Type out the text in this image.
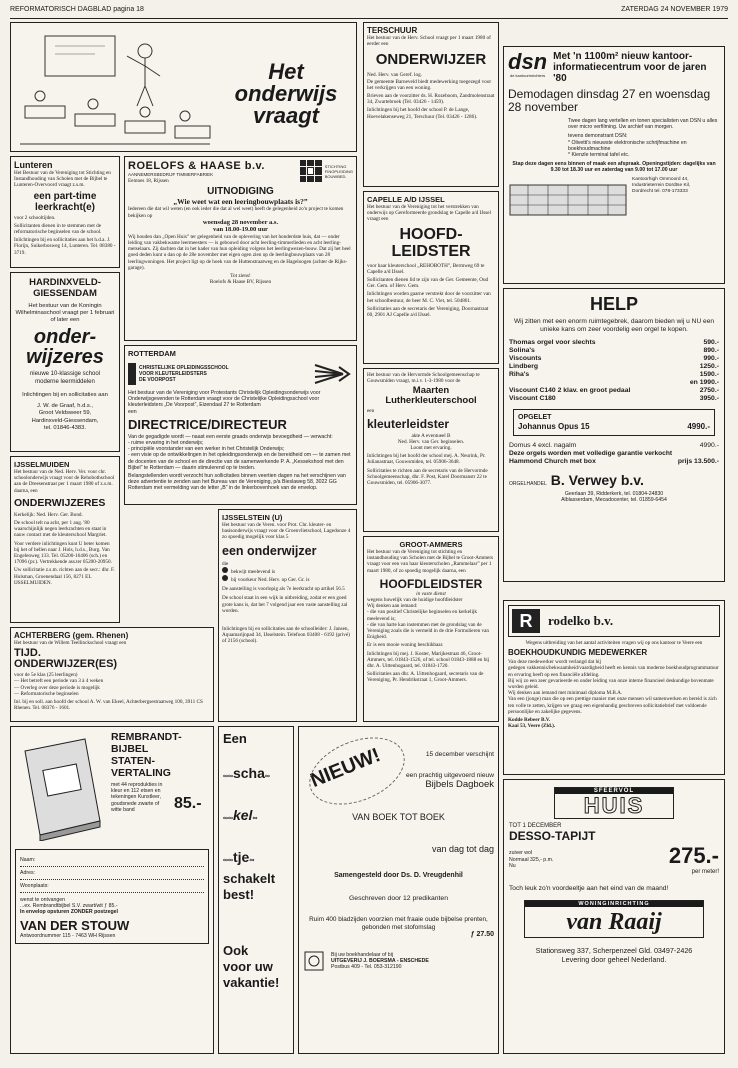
REFORMATORISCH DAGBLAD pagina 18	ZATERDAG 24 NOVEMBER 1979
Het
onderwijs
vraagt
Lunteren
Het Bestuur van de Vereniging tot Stichting en Instandhouding van Scholen met de Bijbel te Lunteren-Overvoord vraagt z.s.m.
een part-time leerkracht(e)
voor 2 schooltijden.
Sollicitanten dienen in te stemmen met de reformatorische beginselen van de school.
Inlichtingen bij en sollicitaties aan het h.d.a. J. Florijn, Suikerbosweg 14, Lunteren. Tel. 08380 - 3719.
ROELOFS & HAASE b.v.
AANNEMERSBEDRIJF TIMMERFABRIEK
Eemnes 18, Rijssen
STICHTING
FINOPLEIDING
BOUWBED.
UITNODIGING
„Wie weet wat een leeringbouwplaats is?”
Iedereen die dat wil weten (en ook ieder die dat al wel weet) heeft de gelegenheid zo'n project te komen bekijken op
woensdag 28 november a.s.
van 18.00-19.00 uur
Wij houden dan „Open Huis” ter gelegenheid van de oplevering van het honderdste huis, dat — onder leiding van vakbekwame leermeesters — is gebouwd door acht leerling-timmerlieden en acht leerling-metselaars. Zij dachten dat in het kader van hun opleiding volgens het leerlingwezen-bouw. Dat zij het heel goed deden kunt u dan op de 28e november met eigen ogen zien op de leerlingbouwplaats van 28 leerlingwoningen. Het project ligt op de hoek van de Huttenstraatweg en de Hageloogen (achter de Rijks-garage).
Tot ziens!
Roelofs & Haase BV, Rijssen
TERSCHUUR
Het bestuur van de Herv. School vraagt per 1 maart 1980 of eerder een
ONDERWIJZER
Ned. Herv. van Geref. log.
De gemeente Barneveld biedt medewerking toegezegd voor het verkrijgen van een woning.
Brieven aan de voorzitter ds. H. Rozeboom, Zandmolenstraat 34, Zwartebroek (Tel. 03426 - 1459).
Inlichtingen bij het hoofd der school P. de Lange, Hoevelakenseweg 21, Terschuur (Tel. 03426 - 1286).
dsn
de kantoorinrichters
Met 'n 1100m² nieuw kantoor-informatiecentrum voor de jaren '80
Demodagen dinsdag 27 en woensdag 28 november
Twee dagen lang vertellen en tonen specialisten van DSN u alles over micro verfilming. Uw archief van morgen.
tevens demonstrant DSN:
* Olivetti's nieuwste elektronische schrijfmachine en boekhoudmachine
* Kienzle terminal tafel etc.
Stap deze dagen eens binnen of maak een afspraak. Openingstijden: dagelijks van 9.30 tot 18.30 uur en zaterdag van 9.00 tot 17.00 uur
Kantoorhigh Ommoord 44,
Industrieterrein Dordtse Kil,
Dordrecht tel. 078-173333
CAPELLE A/D IJSSEL
Het bestuur van de Vereniging tot het verstrekken van onderwijs op Gereformeerde grondslag te Capelle a/d IJssel vraagt een
HOOFD-
LEIDSTER
voor haar kleuterschool „REHOBOTH”, Bermweg 69 te Capelle a/d IJssel.
Sollicitanten dienen lid te zijn van de Ger. Gemeente, Oud Ger. Gem. of Herv. Gem.
Inlichtingen worden gaarne verstrekt door de voorzitter van het schoolbestuur, de heer M. C. Viet, tel. 504861.
Sollicitaties aan de secretaris der Vereniging, Doornastraat 60, 2901 AJ Capelle a/d IJssel.
HARDINXVELD-
GIESSENDAM
Het bestuur van de Koningin Wilhelminaschool vraagt per 1 februari of later een
onder-
wijzeres
nieuwe 10-klassige school
moderne leermiddelen
Inlichtingen bij en sollicitaties aan
J. W. de Graaf, h.d.s.,
Groot Veldsweer 59,
Hardinxveld-Giessendam,
tel. 01846-4383.
ROTTERDAM
CHRISTELIJKE OPLEIDINGSSCHOOL
VOOR KLEUTERLEIDSTERS
DE VOORPOST
Het bestuur van de Vereniging voor Protestants Christelijk Opleidingsonderwijs voor Onderwijsgevenden te Rotterdam vraagt voor de Christelijke Opleidingsschool voor kleuterleidsters „De Voorpost”, Eizendaal 27 te Rotterdam
een
DIRECTRICE/DIRECTEUR
Van de gegadigde wordt — naast een eerste graads onderwijs bevoegdheid — verwacht:
- ruime ervaring in het onderwijs;
- principiële voorstander van een werker in het Christelijk Onderwijs;
- een visie op de ontwikkelingen in het opleidingsonderwijs en de bereidheid om — te zamen met de docenten van de school en de directie van de samenwerkende P. A. „Kessekshool met den Bijbel” te Rotterdam — daarin stimulerend op te treden.
Belangstellenden wordt verzocht hun sollicitaties binnen veertien dagen na het verschijnen van deze advertentie te zenden aan het Bureau van de Vereniging, p/a Bieslaweg 58, 3022 GG Rotterdam met vermelding van de letter „B” in de linkerbovenhoek van de envelop.
Het bestuur van de Hervormde Schoolgemeenschap te Gouwsmiden vraagt, m.i.v. 1-3-1980 voor de
Maarten
Lutherkleuterschool
een
kleuterleidster
akte A eventueel B
Ned. Herv. van Ger. beginselen.
Loont met ervaring.
Inlichtingen bij het hoofd der school mej. A. Neurink, Pr. Julianastraat, Gouwsmiden, tel. 05906-3648.
Sollicitaties te richten aan de secretaris van de Hervormde Schoolgemeenschap, dhr. F. Post, Karel Doormanstr 22 te Gouwsmiden, tel. 05906-3077.
HELP
Wij zitten met een enorm ruimtegebrek, daarom bieden wij u NU een unieke kans om zeer voordelig een orgel te kopen.
Thomas orgel voor slechts	590.-
Solina's	890.-
Viscounts	990.-
Lindberg	1250.-
Riha's	1590.-
en 1990.-
Viscount C140 2 klav. en groot pedaal	2750.-
Viscount C180	3950.-
OPGELET
Johannus Opus 15	4990.-
Domus 4 excl. nagalm	4990.-
Deze orgels worden met volledige garantie verkocht
Hammond Church met box	prijs 13.500.-
ORGELHANDEL B. Verwey b.v.
Geerlaan 39, Ridderkerk, tel. 01804-24830
Alblasserdam, Mecadocenter, tel. 01859-6454
IJSSELMUIDEN
Het bestuur van de Ned. Herv. Ver. voor chr. schoolonderwijs vraagt voor de Rehobothschool aan de Dreesenstraat per 1 maart 1980 of z.s.m. daarna, een
ONDERWIJZERES
Kerkelijk: Ned. Herv. Ger. Bond.
De school telt na acht, per 1 aug. '80 waarschijnlijk negen leerkrachten en staat in nauw contact met de kleuterschool Margriet.
Voor verdere inlichtingen kunt U beter komen bij het of bellen naar J. Hols, h.d.s., Burg. Van Engelenweg 133. Tel. 05200-16406 (sch.) en 17096 (pr.). Vertrekkende ass.ter 05200-20950.
Uw sollicitatie z.s.m. richten aan de secr.: dhr. F. Hulsman, Groenendaal 156, 8271 EL IJSSELMUIDEN.
IJSSELSTEIN (U)
Het bestuur van de Veren. voor Prot. Chr. kleuter- en basisonderwijs vraagt voor de Groenvlietschool, Lagedonze 4 zo spoedig mogelijk voor klas 5
een onderwijzer
die
bekwijt meelevend is
bij voorkeur Ned. Herv. op Ger. Gr. is
De aanstelling is voorlopig als 7e leerkracht op artikel 56.5
De school staat in een wijk in uitbreiding, zodat er een goed grote kans is, dat het 7 volgend jaar een vaste aanstelling zal worden.
Inlichtingen bij en sollicitaties aan de schoolleider: J. Jansen, Aquamarijnpad 34, IJsselstein. Telefoon 03408 - 6192 (privé) of 2156 (school).
GROOT-AMMERS
Het bestuur van de Vereniging tot stichting en instandhouding van Scholen met de Bijbel te Groot-Ammers vraagt voor een van haar kleuterscholen „Rammelaar” per 1 maart 1980, of zo spoedig mogelijk daarna, een
HOOFDLEIDSTER
in vaste dienst
wegens huwelijk van de huidige hoofdleidster
Wij denken aan iemand:
- die van positief Christelijke beginselen en kerkelijk meelevend is;
- die van harte kan instemmen met de grondslag van de Vereniging zoals die is vermeld in de drie Formulieren van Enigheid.
Er is een mooie woning beschikbaar.
Inlichtingen bij mej. J. Koster, Marijkestraat 46, Groot-Ammers, tel. 01843-1526, of tel. school 01843-1888 en bij dhr. A. Uittenhogaard, tel. 01843-1720.
Sollicitaties aan dhr. A. Uittenhogaard, secretaris van de Vereniging, Pr. Hendrikstraat 1, Groot-Ammers.
ACHTERBERG (gem. Rhenen)
Het bestuur van de Willem Teellinckschool vraagt een
TIJD.
ONDERWIJZER(ES)
voor de 5e klas (25 leerlingen)
— Het betreft een periode van 3 à 4 weken
— Overleg over deze periode is mogelijk
— Reformatorische beginselen
Inl. bij en soll. aan hoofd der school A. W. van Ekeel, Achterbergsestraatweg 100, 3911 CS Rhenen. Tel. 08376 - 1601.
R	rodelko b.v.
Wegens uitbreiding van het aantal activiteiten vragen wij op ons kantoor te Veere een
BOEKHOUDKUNDIG MEDEWERKER
Van deze medewerker wordt verlangd dat hij
gedegen vakkennis/bekwaamheid/vaardigheid heeft en kennis van moderne boekhoudprogrammatuur en ervaring heeft op een financiële afdeling.
Bij wij zo een zeer gevarieerde en onder leiding van onze interne financieel deskundige bovenmate worden geleid.
Wij denken aan iemand met minimaal diploma M.B.A.
Van een (jonge) man die op een prettige manier met onze mensen wil samenwerken en bereid is zich ten volle te zetten, krijgen we graag een eigenhandig geschreven sollicitatiebrief met voldoende persoonlijke en zakelijke gegevens.
Kodde Rebeer B.V.
Kaai 53, Veere (Zld.).
REMBRANDT-
BIJBEL
STATEN-
VERTALING
met 44 reprodukties in kleur en 112 etsen en tekeningen Kunstleer, goudsnede zwarte of witte band	85.-
Naam:
Adres:
Woonplaats:
wenst te ontvangen
...ex. Rembrandtbijbel S.V. zwart/wit ƒ 85.-
In envelop opsturen ZONDER postzegel
VAN DER STOUW
Antwoordnummer 115 - 7463 WH Rijssen
Een
∞∞scha∞
∞∞kel∞
∞∞tje∞
schakelt
best!
Ook
voor uw
vakantie!
NIEUW!	15 december verschijnt
een prachtig uitgevoerd nieuw
Bijbels Dagboek
VAN BOEK TOT BOEK
van dag tot dag
Samengesteld door Ds. D. Vreugdenhil
Geschreven door 12 predikanten
Ruim 400 bladzijden voorzien met fraaie oude bijbelse prenten, gebonden met stofomslag
ƒ 27.50
Bij uw boekhandelaar of bij
UITGEVERIJ J. BOERSMA - ENSCHEDE
Postbus 409 - Tel. 053-312190
SFEERVOL
HUIS
TOT 1 DECEMBER
DESSO-TAPIJT
zuiver wol
Normaal 325,- p.m.
Nu	275.-
per meter!
Toch leuk zo'n voordeeltje aan het eind van de maand!
WONINGINRICHTING
van Raaij
Stationsweg 337, Scherpenzeel Gld. 03497-2426
Levering door geheel Nederland.
